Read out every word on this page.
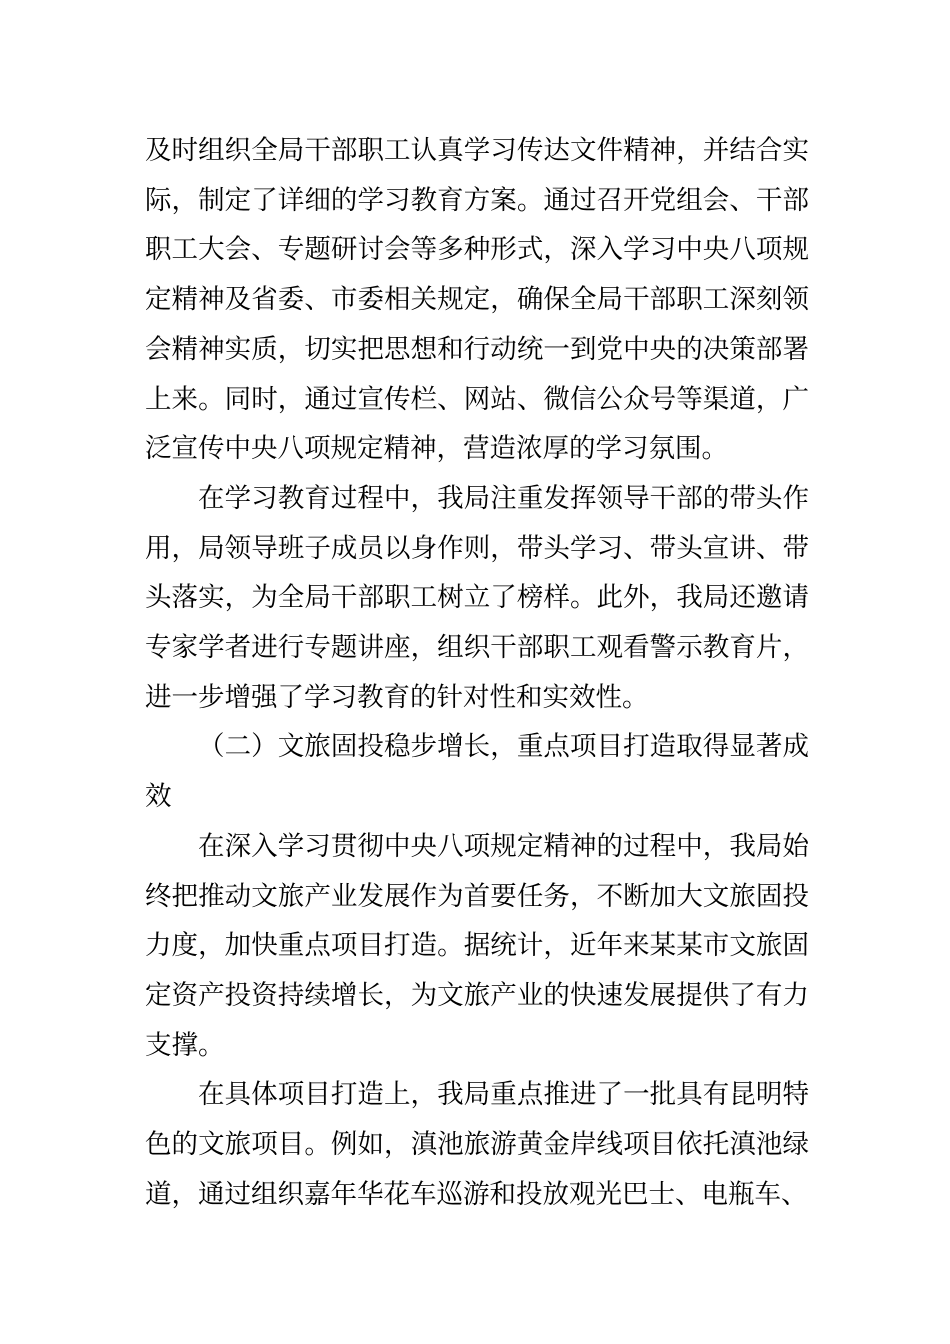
及时组织全局干部职工认真学习传达文件精神，并结合实际，制定了详细的学习教育方案。通过召开党组会、干部职工大会、专题研讨会等多种形式，深入学习中央八项规定精神及省委、市委相关规定，确保全局干部职工深刻领会精神实质，切实把思想和行动统一到党中央的决策部署上来。同时，通过宣传栏、网站、微信公众号等渠道，广泛宣传中央八项规定精神，营造浓厚的学习氛围。

在学习教育过程中，我局注重发挥领导干部的带头作用，局领导班子成员以身作则，带头学习、带头宣讲、带头落实，为全局干部职工树立了榜样。此外，我局还邀请专家学者进行专题讲座，组织干部职工观看警示教育片，进一步增强了学习教育的针对性和实效性。

（二）文旅固投稳步增长，重点项目打造取得显著成效

在深入学习贯彻中央八项规定精神的过程中，我局始终把推动文旅产业发展作为首要任务，不断加大文旅固投力度，加快重点项目打造。据统计，近年来某某市文旅固定资产投资持续增长，为文旅产业的快速发展提供了有力支撑。

在具体项目打造上，我局重点推进了一批具有昆明特色的文旅项目。例如，滇池旅游黄金岸线项目依托滇池绿道，通过组织嘉年华花车巡游和投放观光巴士、电瓶车、
